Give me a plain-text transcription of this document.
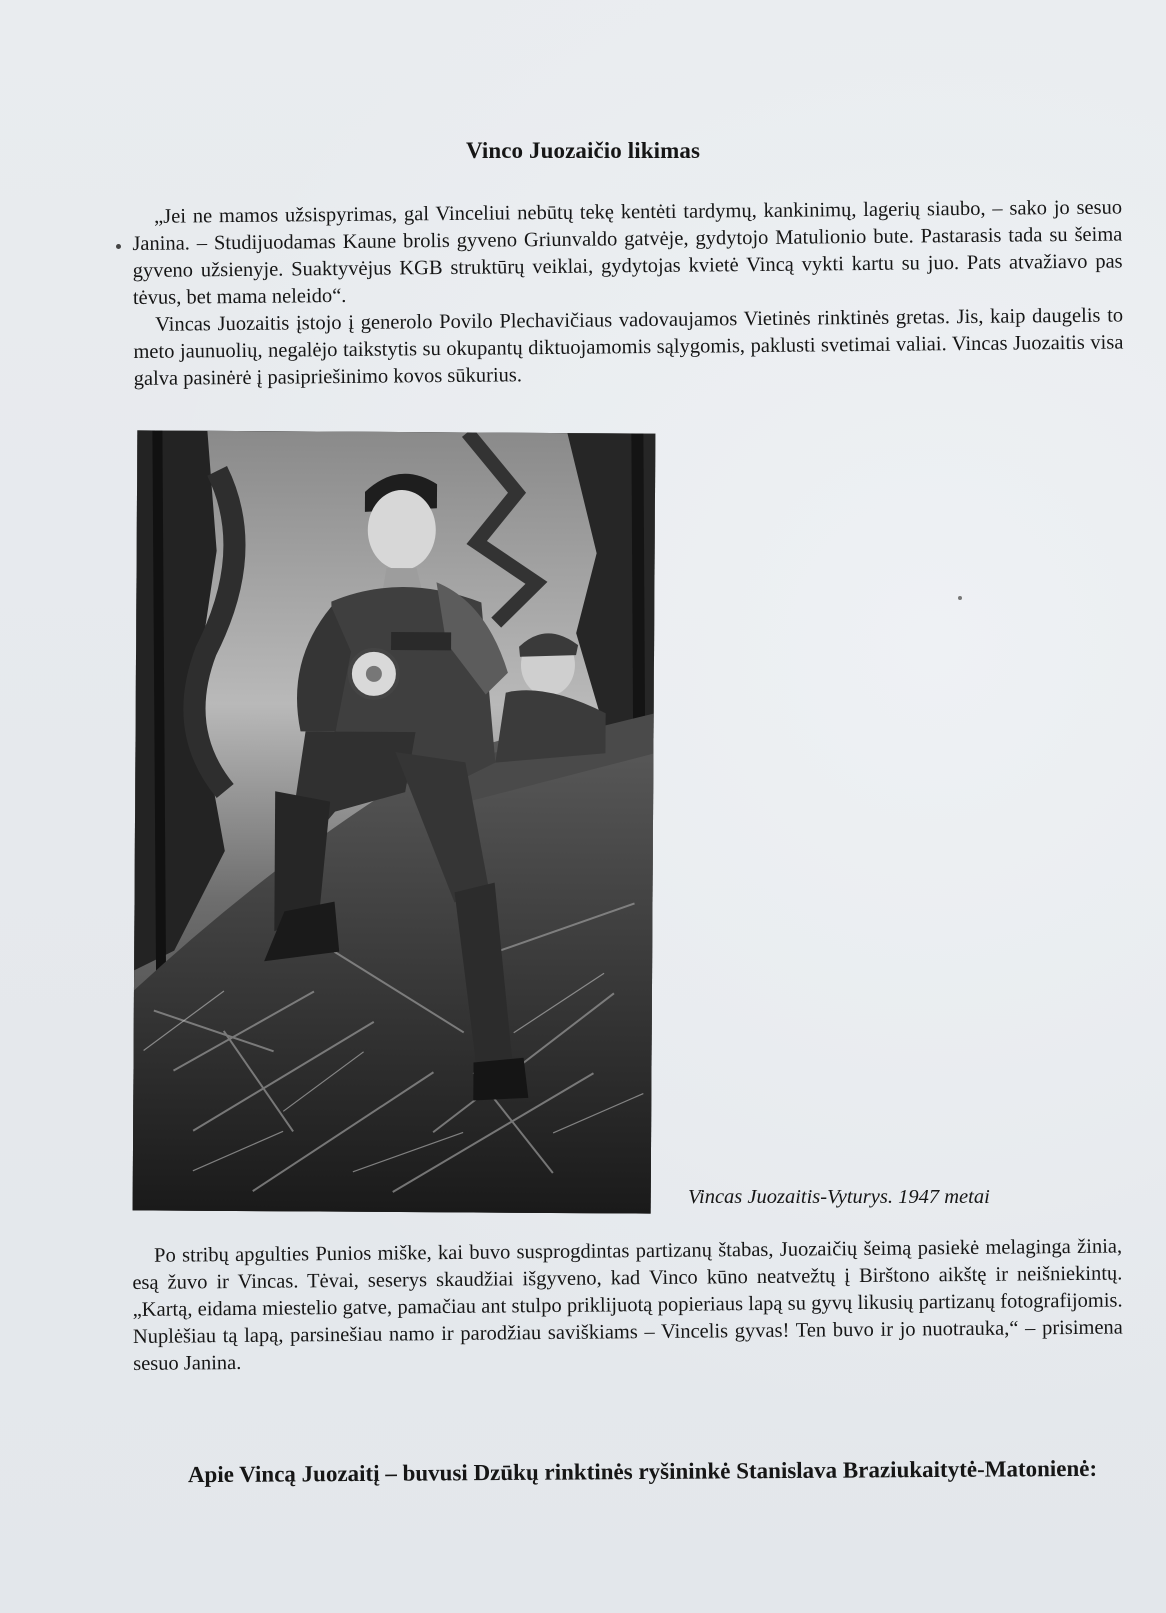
Vinco Juozaičio likimas

„Jei ne mamos užsispyrimas, gal Vinceliui nebūtų tekę kentėti tardymų, kankinimų, lagerių siaubo, – sako jo sesuo Janina. – Studijuodamas Kaune brolis gyveno Griunvaldo gatvėje, gydytojo Matulionio bute. Pastarasis tada su šeima gyveno užsienyje. Suaktyvėjus KGB struktūrų veiklai, gydytojas kvietė Vincą vykti kartu su juo. Pats atvažiavo pas tėvus, bet mama neleido“.

Vincas Juozaitis įstojo į generolo Povilo Plechavičiaus vadovaujamos Vietinės rinktinės gretas. Jis, kaip daugelis to meto jaunuolių, negalėjo taikstytis su okupantų diktuojamomis sąlygomis, paklusti svetimai valiai. Vincas Juozaitis visa galva pasinėrė į pasipriešinimo kovos sūkurius.

Vincas Juozaitis-Vyturys. 1947 metai

Po stribų apgulties Punios miške, kai buvo susprogdintas partizanų štabas, Juozaičių šeimą pasiekė melaginga žinia, esą žuvo ir Vincas. Tėvai, seserys skaudžiai išgyveno, kad Vinco kūno neatvežtų į Birštono aikštę ir neišniekintų. „Kartą, eidama miestelio gatve, pamačiau ant stulpo priklijuotą popieriaus lapą su gyvų likusių partizanų fotografijomis. Nuplėšiau tą lapą, parsinešiau namo ir parodžiau saviškiams – Vincelis gyvas! Ten buvo ir jo nuotrauka,“ – prisimena sesuo Janina.

Apie Vincą Juozaitį – buvusi Dzūkų rinktinės ryšininkė Stanislava Braziukaitytė-Matonienė:
